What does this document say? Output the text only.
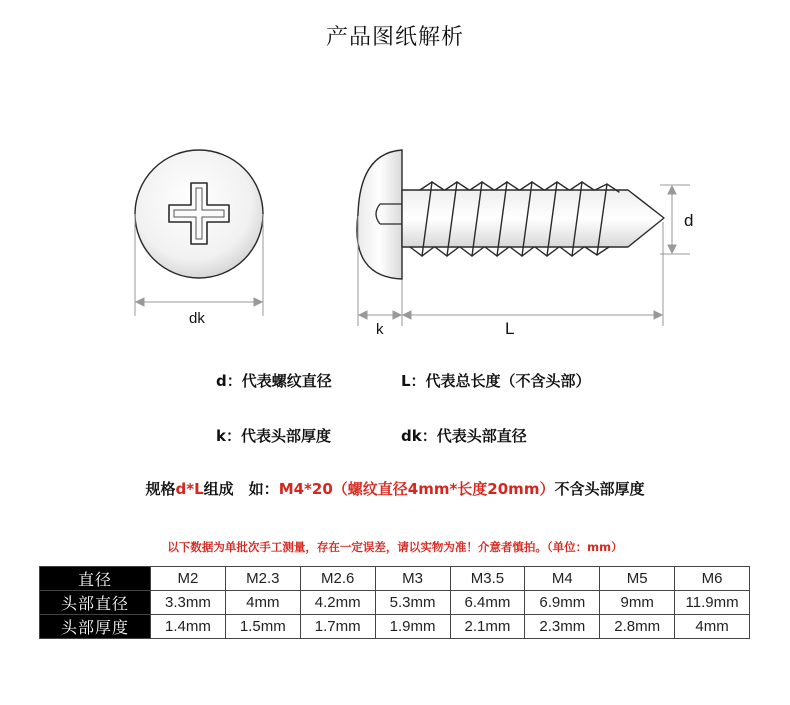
产品图纸解析
dk
d
k	L
d：代表螺纹直径	L：代表总长度（不含头部）
k：代表头部厚度	dk：代表头部直径
规格d*L组成　如：M4*20（螺纹直径4mm*长度20mm）不含头部厚度
以下数据为单批次手工测量，存在一定误差，请以实物为准！介意者慎拍。（单位：mm）
直径	M2	M2.3	M2.6	M3	M3.5	M4	M5	M6
头部直径	3.3mm	4mm	4.2mm	5.3mm	6.4mm	6.9mm	9mm	11.9mm
头部厚度	1.4mm	1.5mm	1.7mm	1.9mm	2.1mm	2.3mm	2.8mm	4mm
